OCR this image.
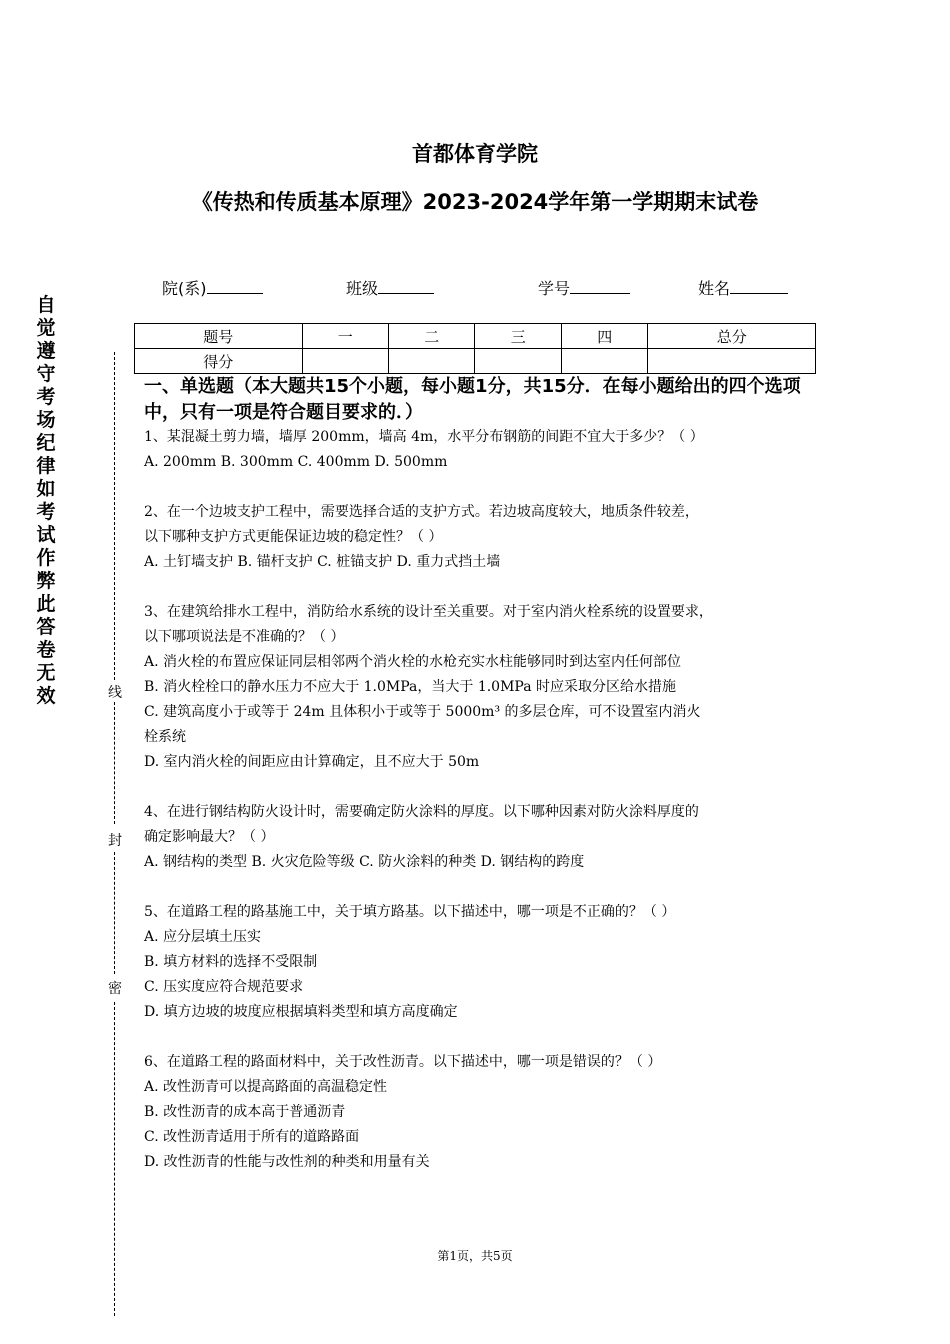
首都体育学院
《传热和传质基本原理》2023-2024学年第一学期期末试卷
院(系)	班级	学号	姓名
题号	一	二	三	四	总分
得分					
自
觉
遵
守
考
场
纪
律
如
考
试
作
弊
此
答
卷
无
效	线
封
密
一、单选题（本大题共15个小题，每小题1分，共15分．在每小题给出的四个选项中，只有一项是符合题目要求的．）

1、某混凝土剪力墙，墙厚 200mm，墙高 4m，水平分布钢筋的间距不宜大于多少？（ ）

A. 200mm B. 300mm C. 400mm D. 500mm

2、在一个边坡支护工程中，需要选择合适的支护方式。若边坡高度较大，地质条件较差，

以下哪种支护方式更能保证边坡的稳定性？（ ）

A. 土钉墙支护 B. 锚杆支护 C. 桩锚支护 D. 重力式挡土墙

3、在建筑给排水工程中，消防给水系统的设计至关重要。对于室内消火栓系统的设置要求，

以下哪项说法是不准确的？（ ）

A. 消火栓的布置应保证同层相邻两个消火栓的水枪充实水柱能够同时到达室内任何部位

B. 消火栓栓口的静水压力不应大于 1.0MPa，当大于 1.0MPa 时应采取分区给水措施

C. 建筑高度小于或等于 24m 且体积小于或等于 5000m³ 的多层仓库，可不设置室内消火

栓系统

D. 室内消火栓的间距应由计算确定，且不应大于 50m

4、在进行钢结构防火设计时，需要确定防火涂料的厚度。以下哪种因素对防火涂料厚度的

确定影响最大？（ ）

A. 钢结构的类型 B. 火灾危险等级 C. 防火涂料的种类 D. 钢结构的跨度

5、在道路工程的路基施工中，关于填方路基。以下描述中，哪一项是不正确的？（ ）

A. 应分层填土压实

B. 填方材料的选择不受限制

C. 压实度应符合规范要求

D. 填方边坡的坡度应根据填料类型和填方高度确定

6、在道路工程的路面材料中，关于改性沥青。以下描述中，哪一项是错误的？（ ）

A. 改性沥青可以提高路面的高温稳定性

B. 改性沥青的成本高于普通沥青

C. 改性沥青适用于所有的道路路面

D. 改性沥青的性能与改性剂的种类和用量有关

第1页，共5页
